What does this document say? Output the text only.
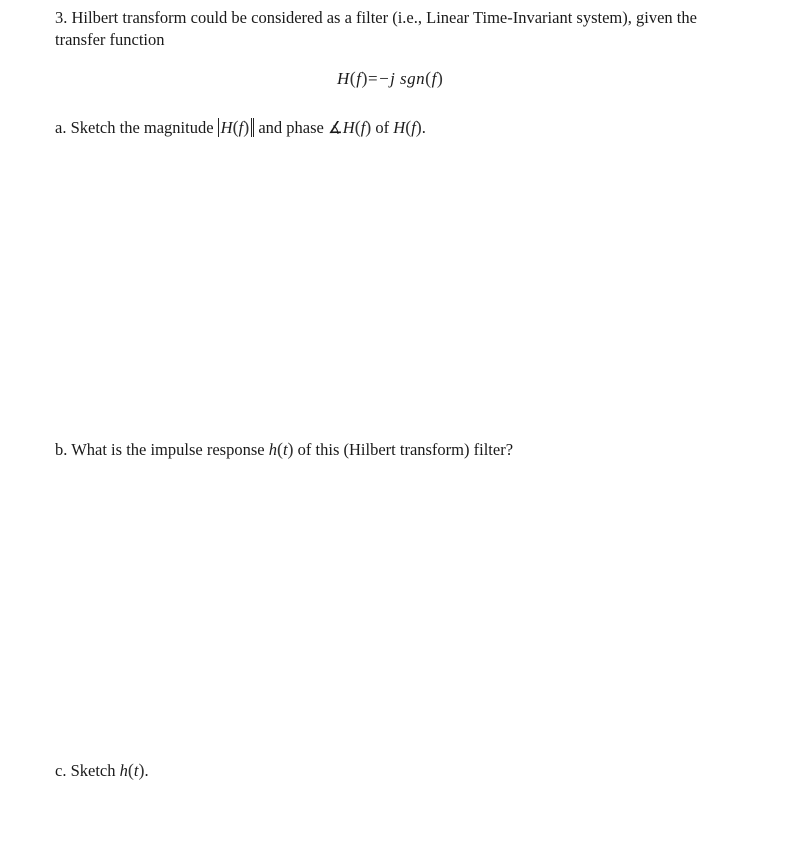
3. Hilbert transform could be considered as a filter (i.e., Linear Time-Invariant system), given the
transfer function
H(f)=−j sgn(f)
a. Sketch the magnitude H(f) and phase ∡H(f) of H(f).
b. What is the impulse response h(t) of this (Hilbert transform) filter?
c. Sketch h(t).
